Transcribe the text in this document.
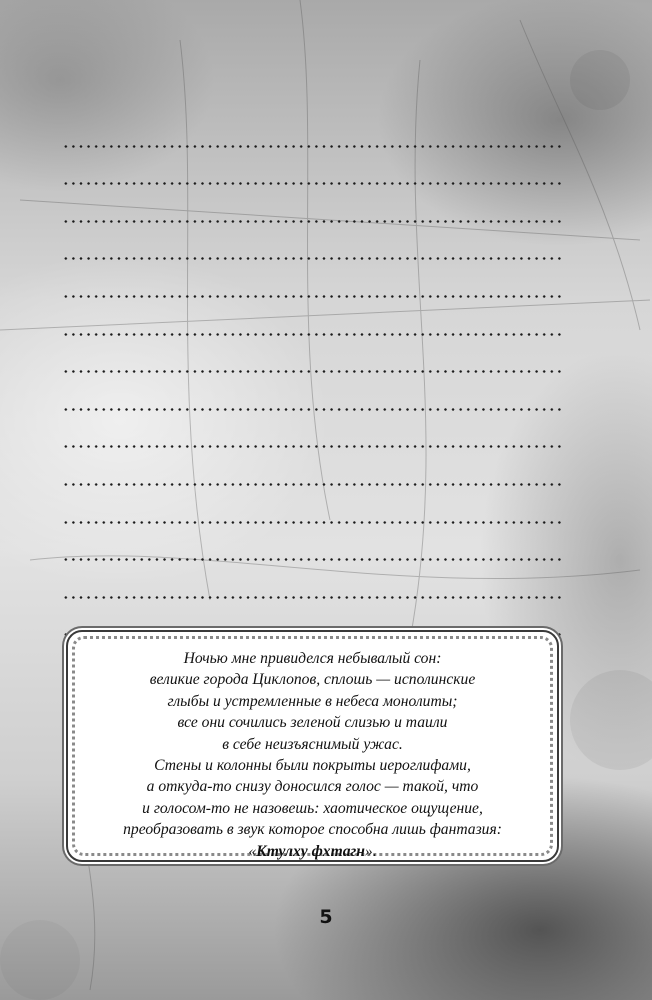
Ночью мне привиделся небывалый сон:
великие города Циклопов, сплошь — исполинские
глыбы и устремленные в небеса монолиты;
все они сочились зеленой слизью и таили
в себе неизъяснимый ужас.
Стены и колонны были покрыты иероглифами,
а откуда-то снизу доносился голос — такой, что
и голосом-то не назовешь: хаотическое ощущение,
преобразовать в звук которое способна лишь фантазия:
«Ктулху фхтагн».
5
